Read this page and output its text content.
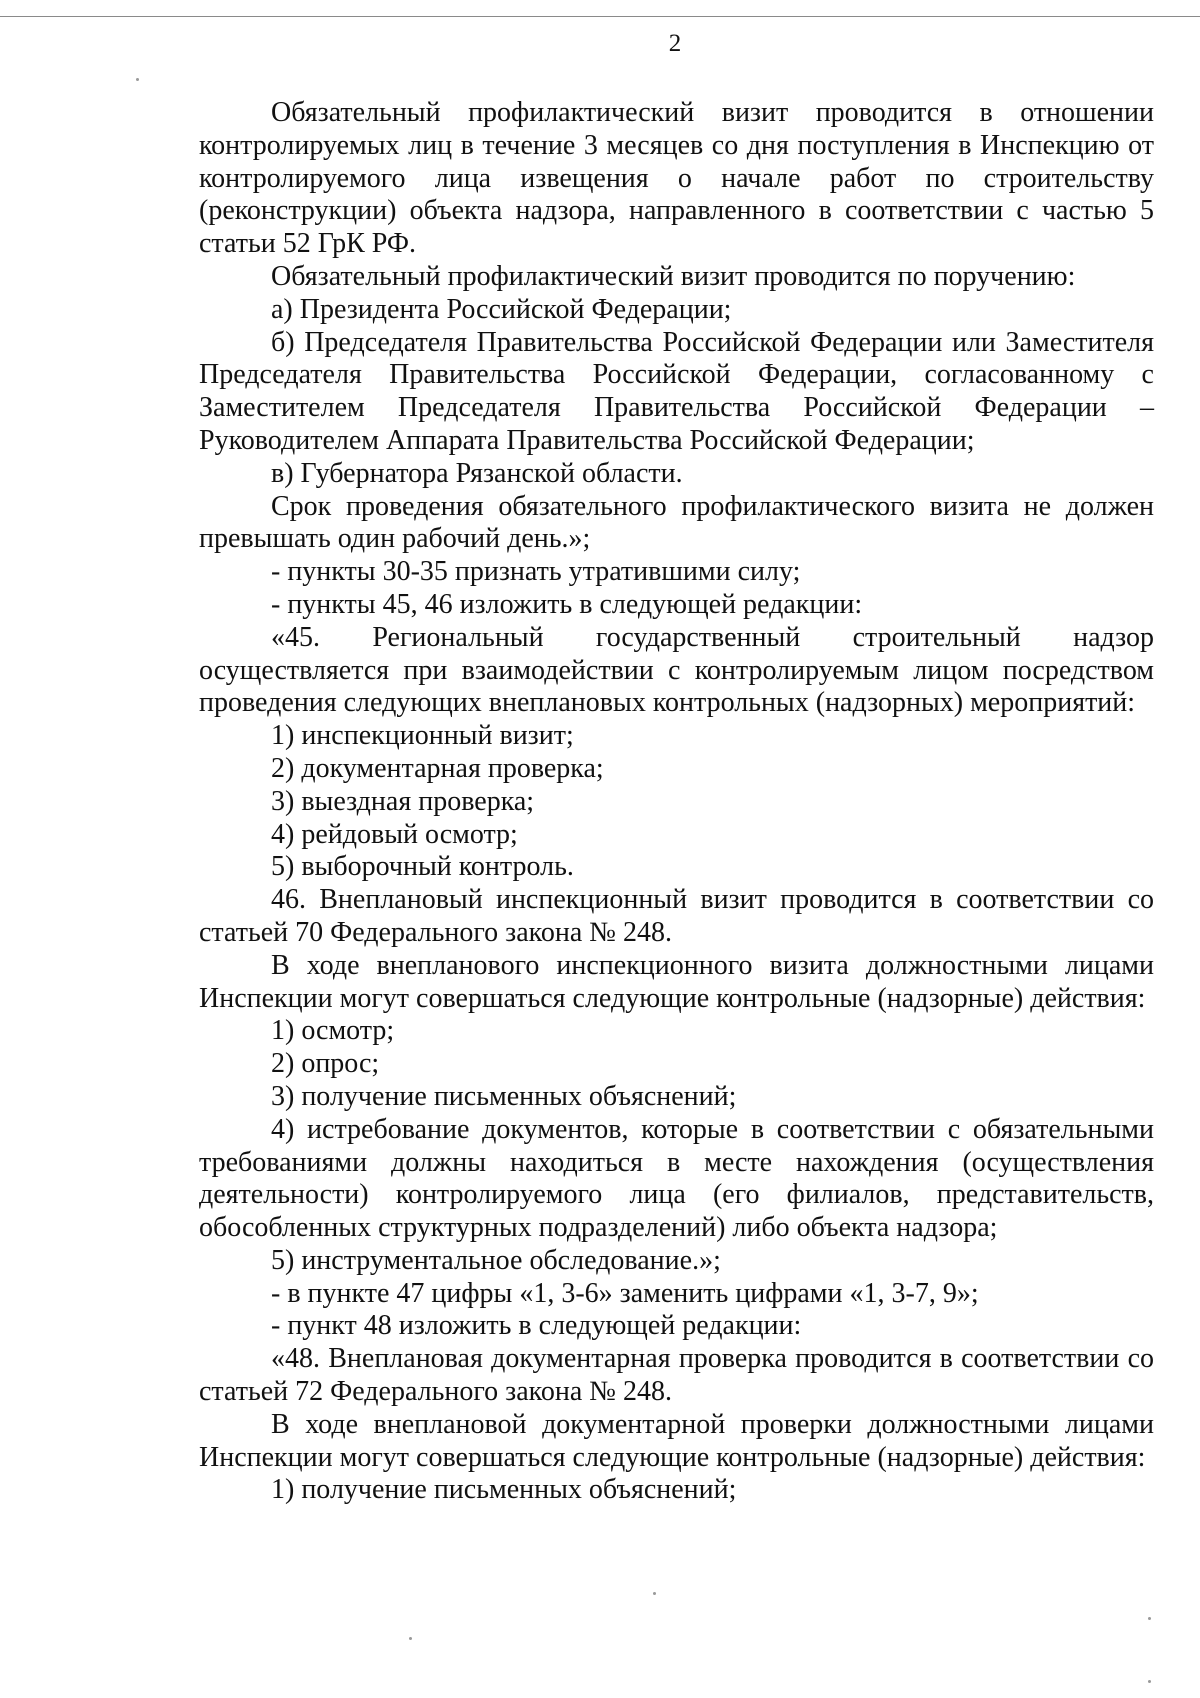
2

Обязательный профилактический визит проводится в отношении контролируемых лиц в течение 3 месяцев со дня поступления в Инспекцию от контролируемого лица извещения о начале работ по строительству (реконструкции) объекта надзора, направленного в соответствии с частью 5 статьи 52 ГрК РФ.

Обязательный профилактический визит проводится по поручению:

а) Президента Российской Федерации;

б) Председателя Правительства Российской Федерации или Заместителя Председателя Правительства Российской Федерации, согласованному с Заместителем Председателя Правительства Российской Федерации – Руководителем Аппарата Правительства Российской Федерации;

в) Губернатора Рязанской области.

Срок проведения обязательного профилактического визита не должен превышать один рабочий день.»;

- пункты 30-35 признать утратившими силу;

- пункты 45, 46 изложить в следующей редакции:

«45. Региональный государственный строительный надзор осуществляется при взаимодействии с контролируемым лицом посредством проведения следующих внеплановых контрольных (надзорных) мероприятий:

1) инспекционный визит;

2) документарная проверка;

3) выездная проверка;

4) рейдовый осмотр;

5) выборочный контроль.

46. Внеплановый инспекционный визит проводится в соответствии со статьей 70 Федерального закона № 248.

В ходе внепланового инспекционного визита должностными лицами Инспекции могут совершаться следующие контрольные (надзорные) действия:

1) осмотр;

2) опрос;

3) получение письменных объяснений;

4) истребование документов, которые в соответствии с обязательными требованиями должны находиться в месте нахождения (осуществления деятельности) контролируемого лица (его филиалов, представительств, обособленных структурных подразделений) либо объекта надзора;

5) инструментальное обследование.»;

- в пункте 47 цифры «1, 3-6» заменить цифрами «1, 3-7, 9»;

- пункт 48 изложить в следующей редакции:

«48. Внеплановая документарная проверка проводится в соответствии со статьей 72 Федерального закона № 248.

В ходе внеплановой документарной проверки должностными лицами Инспекции могут совершаться следующие контрольные (надзорные) действия:

1) получение письменных объяснений;
